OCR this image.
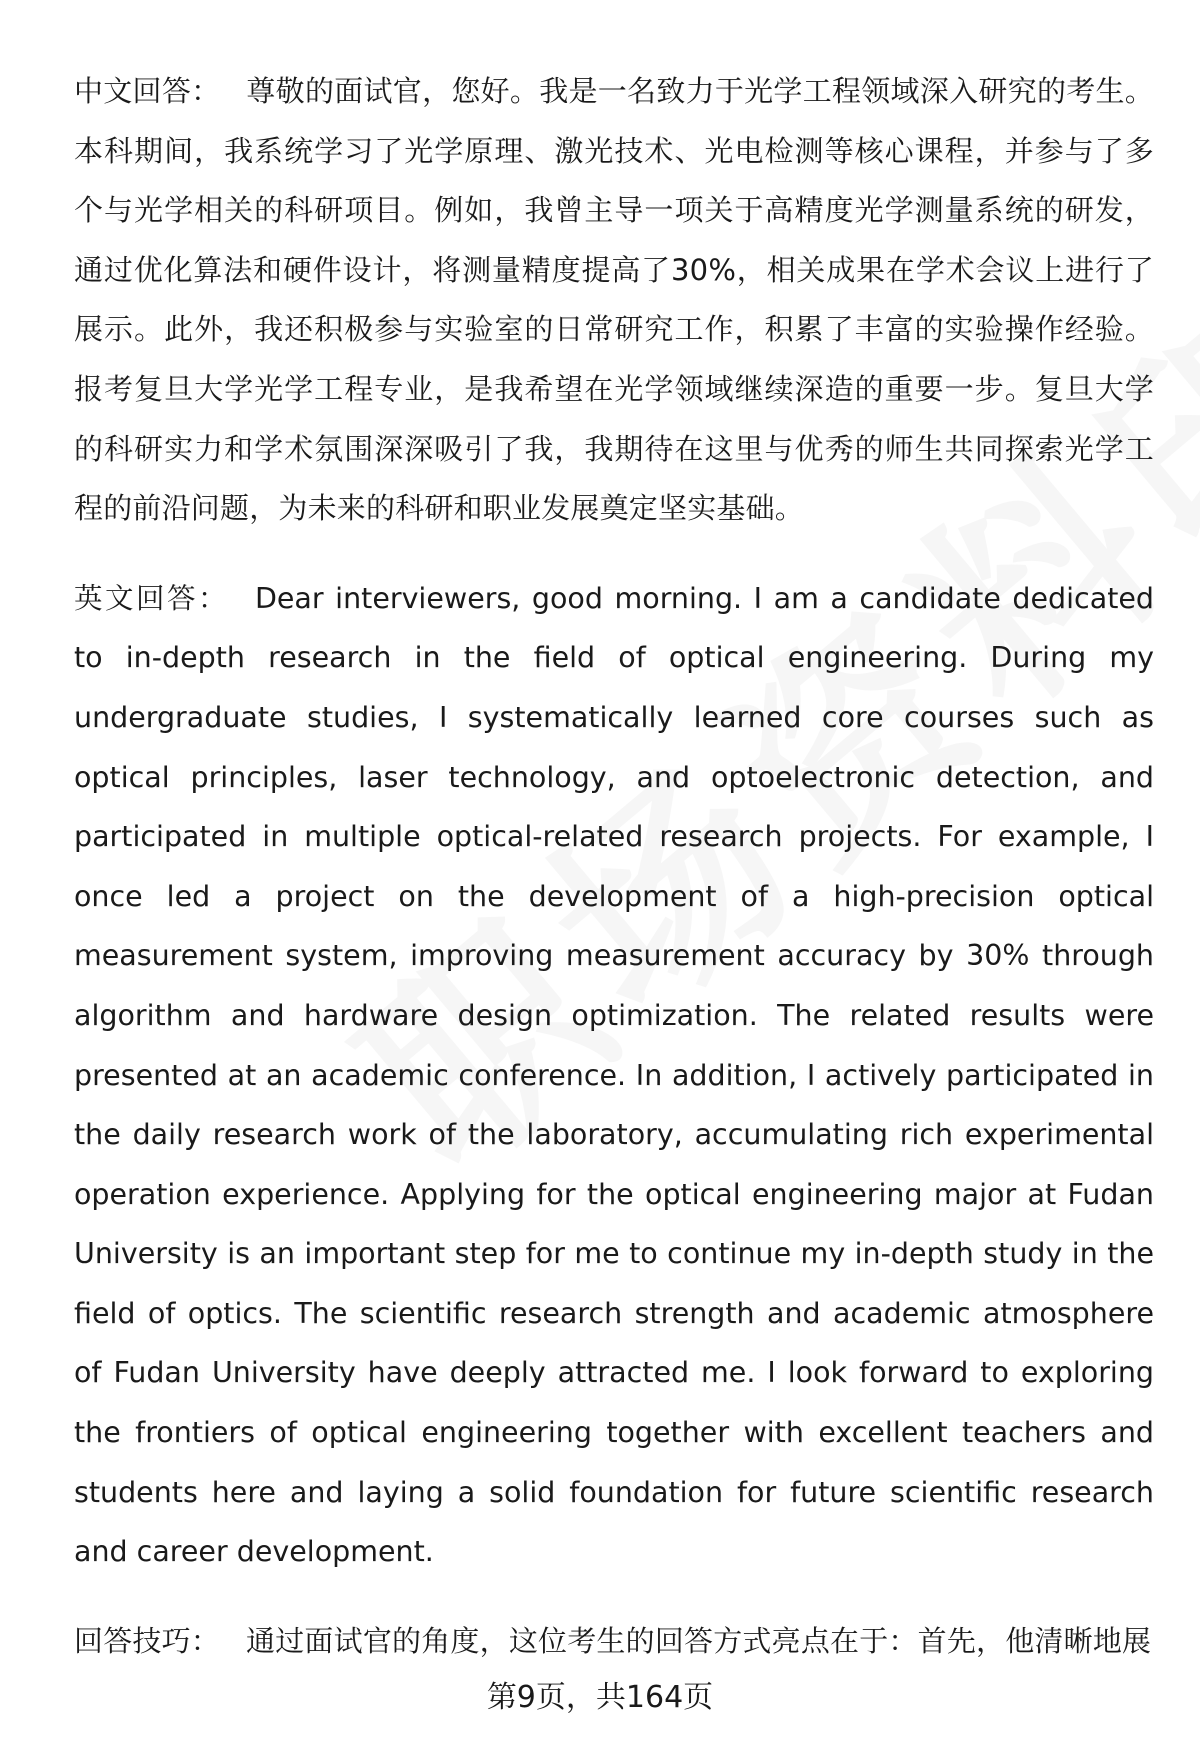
中文回答： 尊敬的面试官，您好。我是一名致力于光学工程领域深入研究的考生。本科期间，我系统学习了光学原理、激光技术、光电检测等核心课程，并参与了多个与光学相关的科研项目。例如，我曾主导一项关于高精度光学测量系统的研发，通过优化算法和硬件设计，将测量精度提高了30%，相关成果在学术会议上进行了展示。此外，我还积极参与实验室的日常研究工作，积累了丰富的实验操作经验。报考复旦大学光学工程专业，是我希望在光学领域继续深造的重要一步。复旦大学的科研实力和学术氛围深深吸引了我，我期待在这里与优秀的师生共同探索光学工程的前沿问题，为未来的科研和职业发展奠定坚实基础。

英文回答： Dear interviewers, good morning. I am a candidate dedicated to in-depth research in the field of optical engineering. During my undergraduate studies, I systematically learned core courses such as optical principles, laser technology, and optoelectronic detection, and participated in multiple optical-related research projects. For example, I once led a project on the development of a high-precision optical measurement system, improving measurement accuracy by 30% through algorithm and hardware design optimization. The related results were presented at an academic conference. In addition, I actively participated in the daily research work of the laboratory, accumulating rich experimental operation experience. Applying for the optical engineering major at Fudan University is an important step for me to continue my in-depth study in the field of optics. The scientific research strength and academic atmosphere of Fudan University have deeply attracted me. I look forward to exploring the frontiers of optical engineering together with excellent teachers and students here and laying a solid foundation for future scientific research and career development.

回答技巧： 通过面试官的角度，这位考生的回答方式亮点在于：首先，他清晰地展

第9页，共164页
